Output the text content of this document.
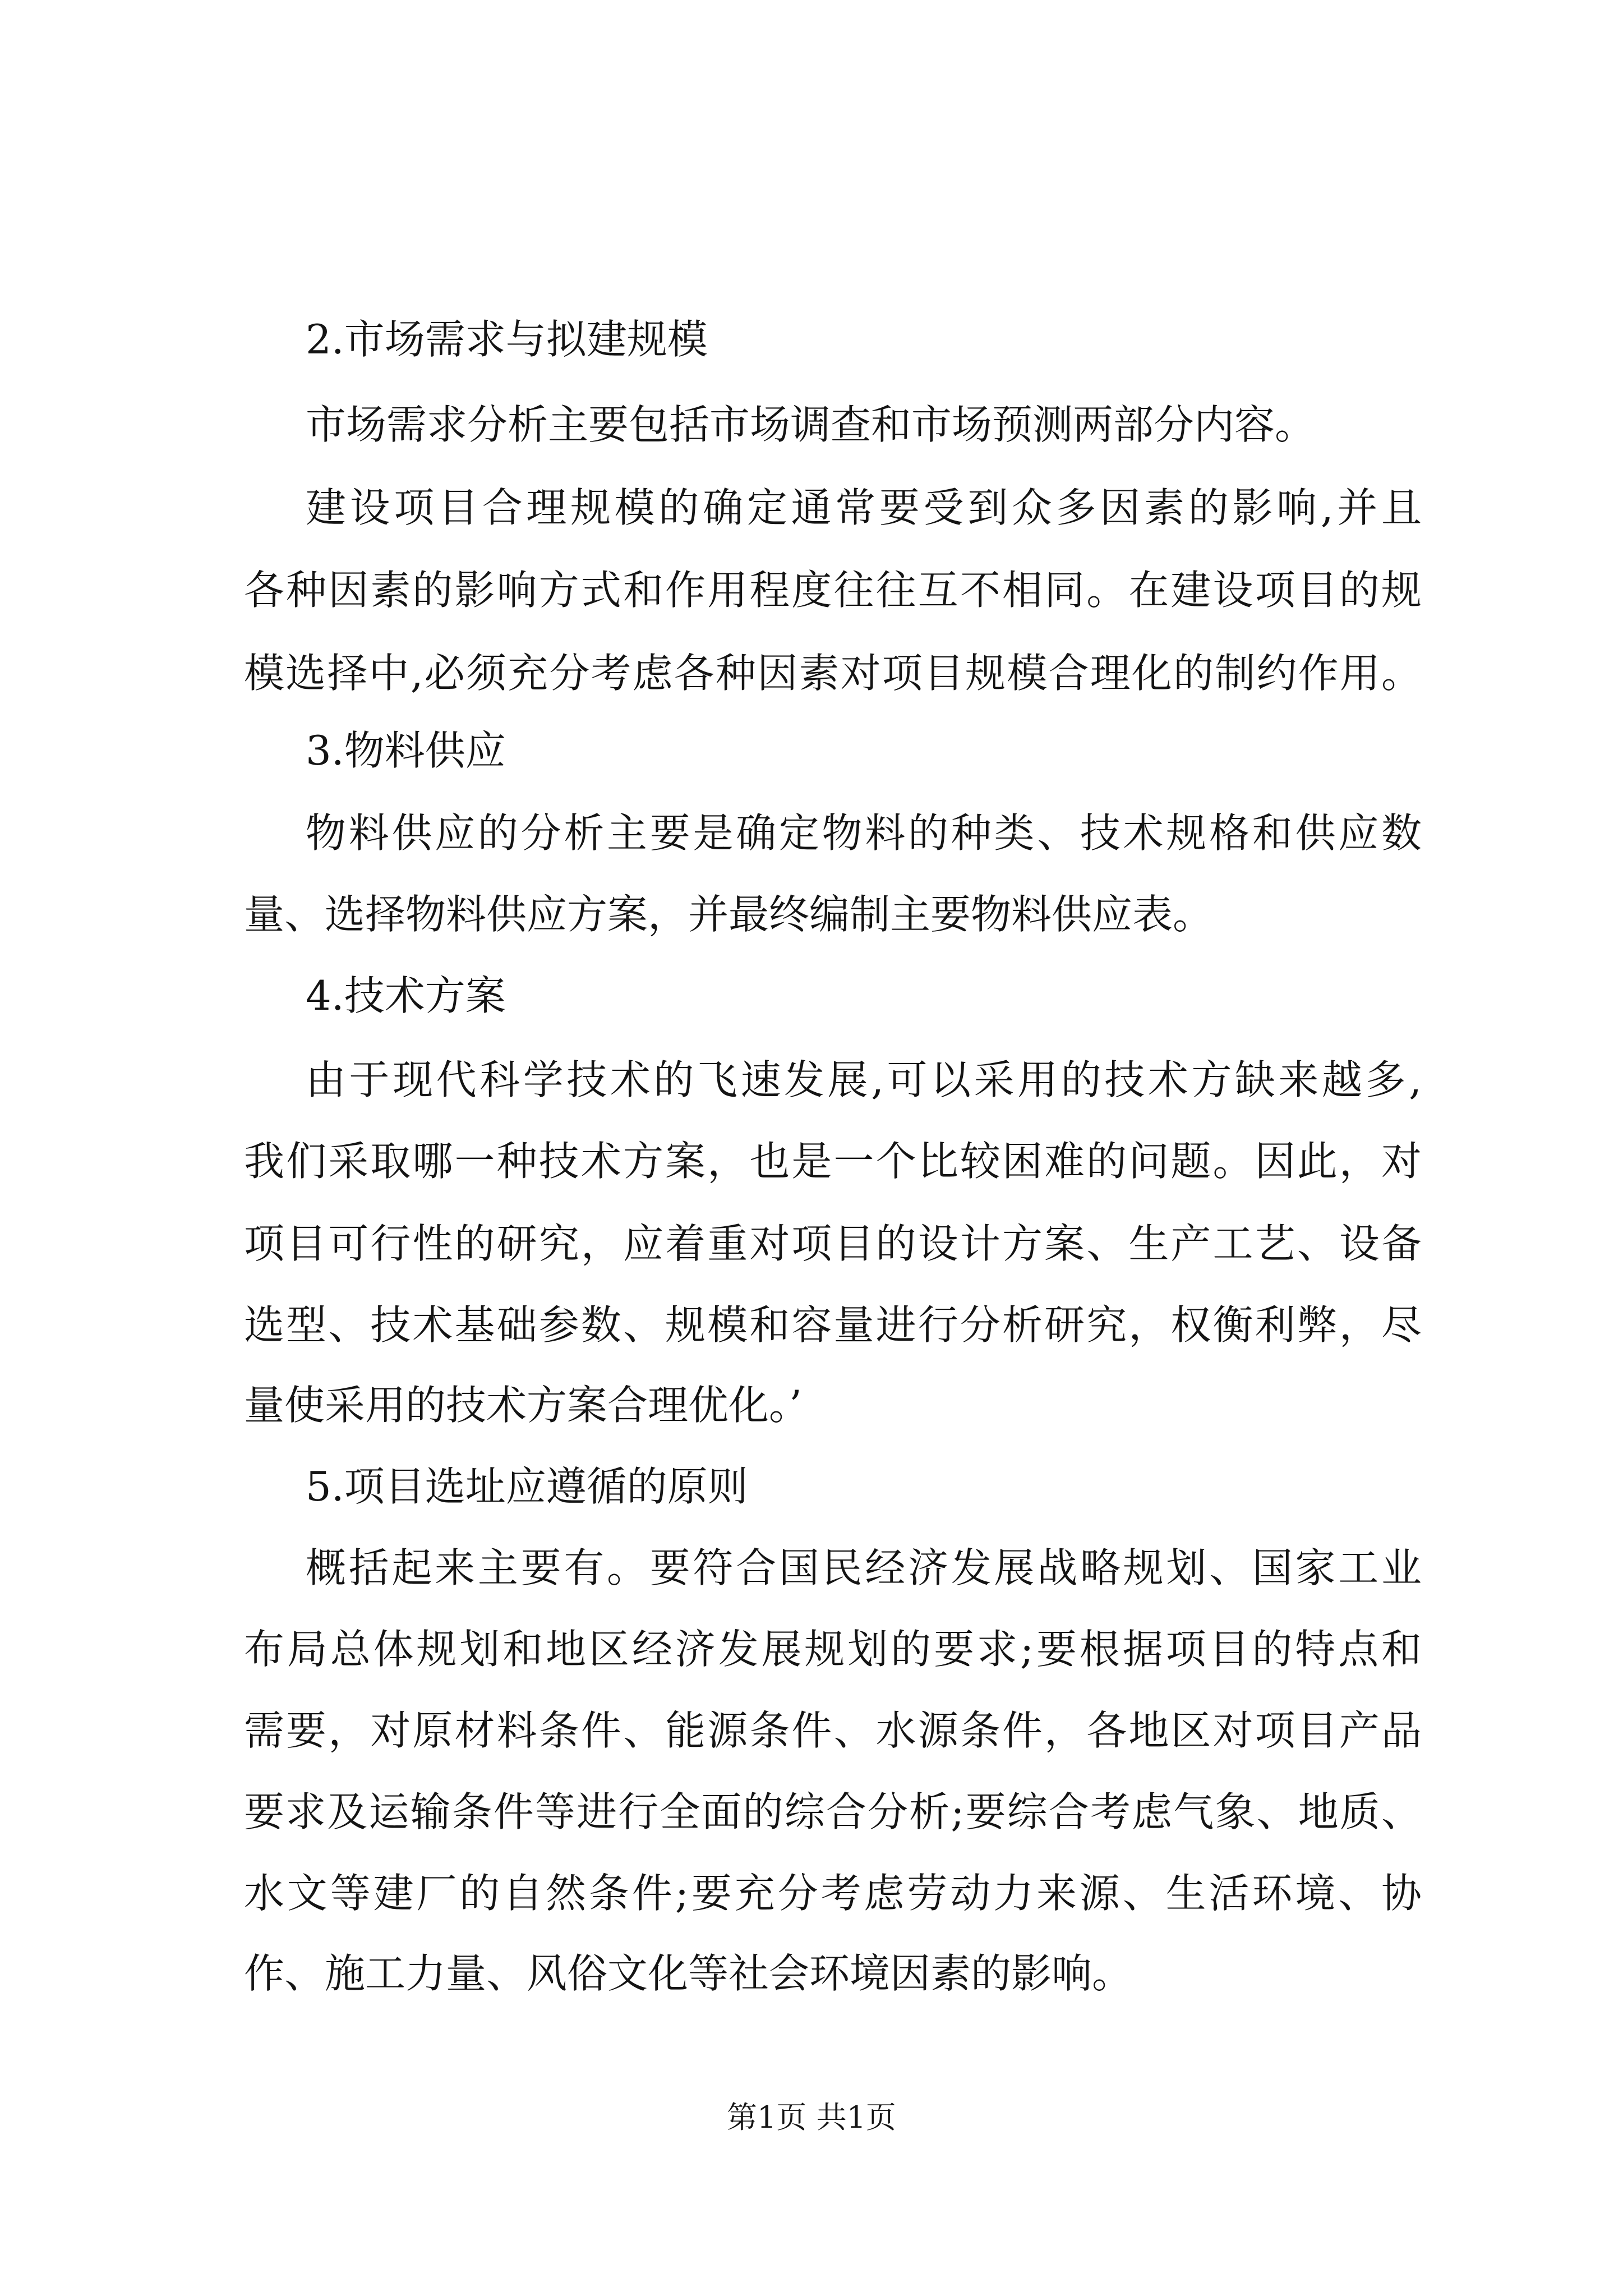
2.市场需求与拟建规模
市场需求分析主要包括市场调查和市场预测两部分内容。
建设项目合理规模的确定通常要受到众多因素的影响,并且
各种因素的影响方式和作用程度往往互不相同。在建设项目的规
模选择中,必须充分考虑各种因素对项目规模合理化的制约作用。
3.物料供应
物料供应的分析主要是确定物料的种类、技术规格和供应数
量、选择物料供应方案，并最终编制主要物料供应表。
4.技术方案
由于现代科学技术的飞速发展,可以采用的技术方缺来越多,
我们采取哪一种技术方案，也是一个比较困难的问题。因此，对
项目可行性的研究，应着重对项目的设计方案、生产工艺、设备
选型、技术基础参数、规模和容量进行分析研究，权衡利弊，尽
量使采用的技术方案合理优化。’
5.项目选址应遵循的原则
概括起来主要有。要符合国民经济发展战略规划、国家工业
布局总体规划和地区经济发展规划的要求;要根据项目的特点和
需要，对原材料条件、能源条件、水源条件，各地区对项目产品
要求及运输条件等进行全面的综合分析;要综合考虑气象、地质、
水文等建厂的自然条件;要充分考虑劳动力来源、生活环境、协
作、施工力量、风俗文化等社会环境因素的影响。
第1页 共1页
